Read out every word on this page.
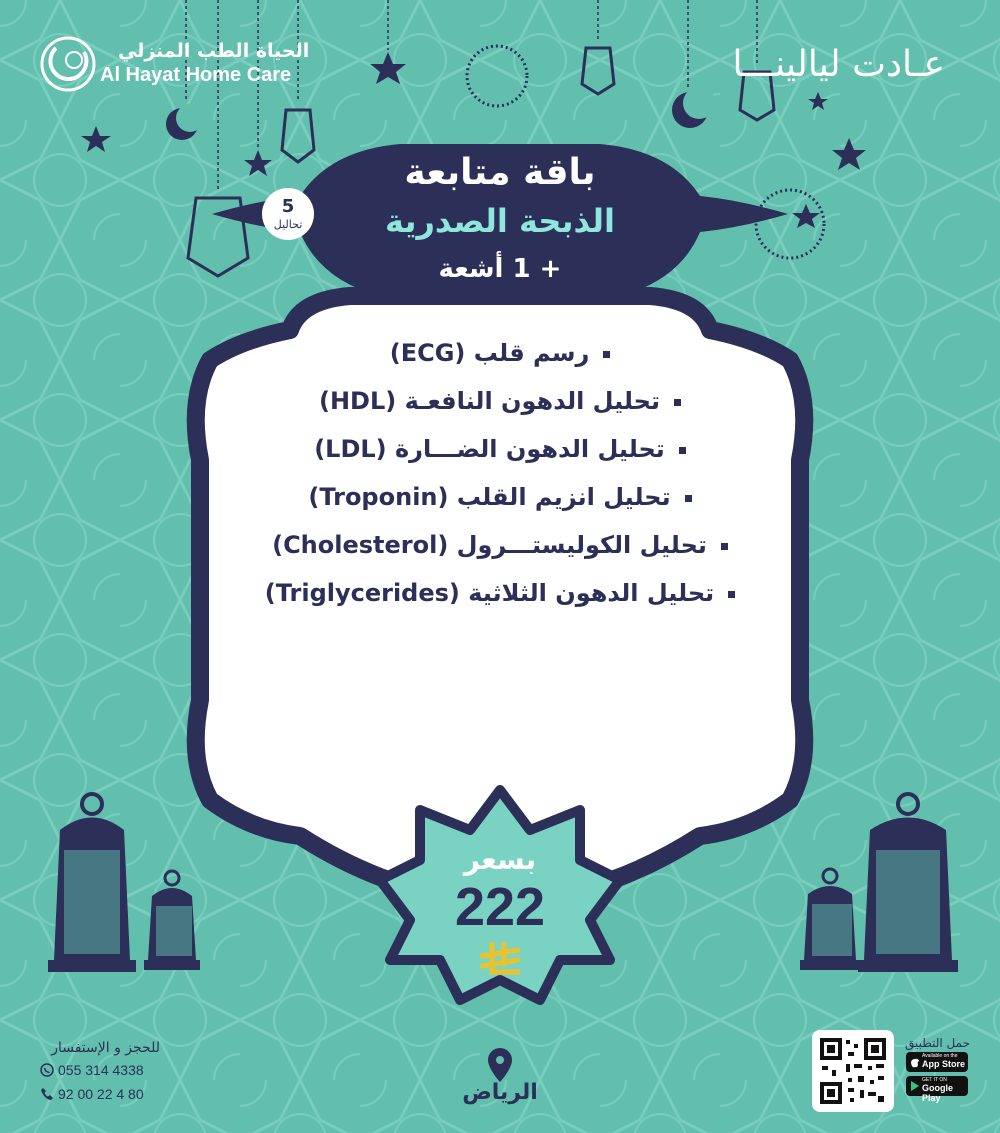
الحياة الطب المنزلي
Al Hayat Home Care	عـادت ليالينـــا
باقة متابعة
الذبحة الصدرية
+ 1 أشعة
5
تحاليل
رسم قلب (ECG)
تحليل الدهون النافعـة (HDL)
تحليل الدهون الضـــارة (LDL)
تحليل انزيم القلب (Troponin)
تحليل الكوليستـــرول (Cholesterol)
تحليل الدهون الثلاثية (Triglycerides)
بسعر
222
للحجز و الإستفسار
055 314 4338
92 00 22 4 80	الرياض
حمل التطبيق
Available on the
App Store
GET IT ON
Google Play
